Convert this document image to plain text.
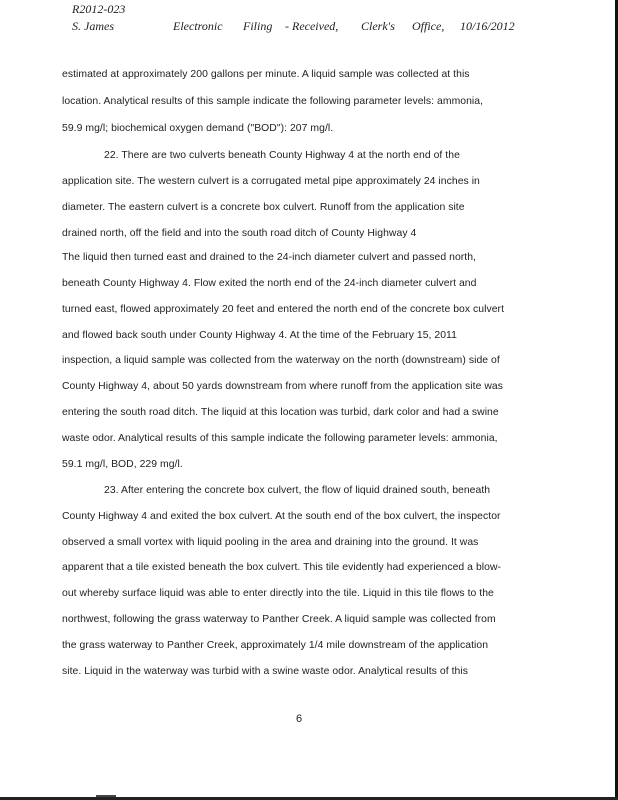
R2012-023
S. James	Electronic Filing - Received, Clerk's Office, 10/16/2012
estimated at approximately 200 gallons per minute. A liquid sample was collected at this
location. Analytical results of this sample indicate the following parameter levels: ammonia,
59.9 mg/l; biochemical oxygen demand ("BOD"): 207 mg/l.
22. There are two culverts beneath County Highway 4 at the north end of the
application site. The western culvert is a corrugated metal pipe approximately 24 inches in
diameter. The eastern culvert is a concrete box culvert. Runoff from the application site
drained north, off the field and into the south road ditch of County Highway 4
The liquid then turned east and drained to the 24-inch diameter culvert and passed north,
beneath County Highway 4. Flow exited the north end of the 24-inch diameter culvert and
turned east, flowed approximately 20 feet and entered the north end of the concrete box culvert
and flowed back south under County Highway 4. At the time of the February 15, 2011
inspection, a liquid sample was collected from the waterway on the north (downstream) side of
County Highway 4, about 50 yards downstream from where runoff from the application site was
entering the south road ditch. The liquid at this location was turbid, dark color and had a swine
waste odor. Analytical results of this sample indicate the following parameter levels: ammonia,
59.1 mg/l, BOD, 229 mg/l.
23. After entering the concrete box culvert, the flow of liquid drained south, beneath
County Highway 4 and exited the box culvert. At the south end of the box culvert, the inspector
observed a small vortex with liquid pooling in the area and draining into the ground. It was
apparent that a tile existed beneath the box culvert. This tile evidently had experienced a blow-
out whereby surface liquid was able to enter directly into the tile. Liquid in this tile flows to the
northwest, following the grass waterway to Panther Creek. A liquid sample was collected from
the grass waterway to Panther Creek, approximately 1/4 mile downstream of the application
site. Liquid in the waterway was turbid with a swine waste odor. Analytical results of this
6
